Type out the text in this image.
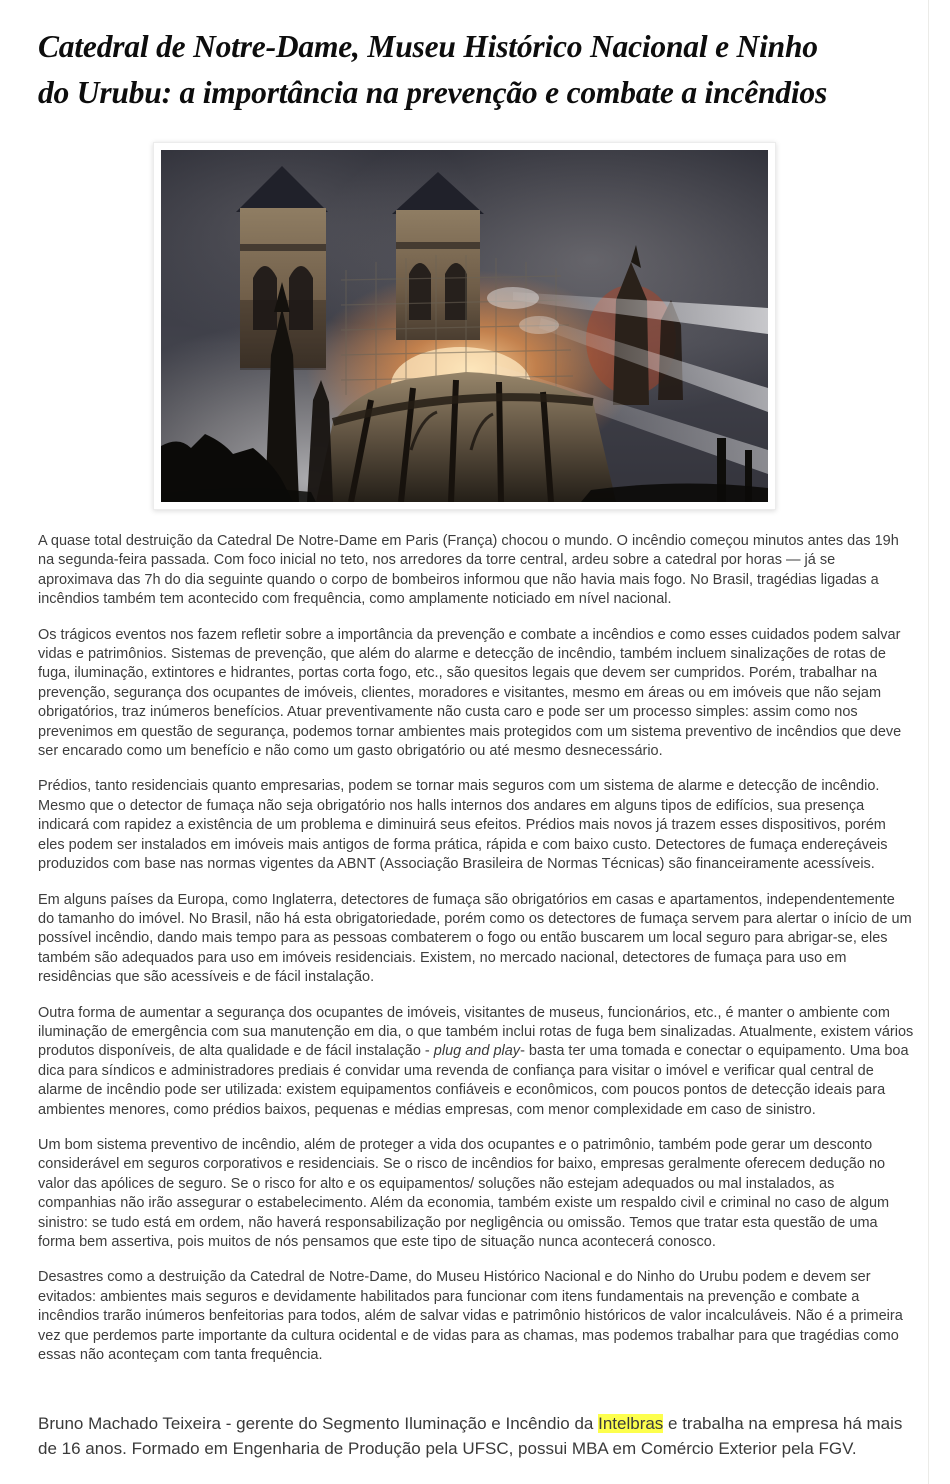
Catedral de Notre-Dame, Museu Histórico Nacional e Ninho
do Urubu: a importância na prevenção e combate a incêndios

A quase total destruição da Catedral De Notre-Dame em Paris (França) chocou o mundo. O incêndio começou minutos antes das 19h na segunda-feira passada. Com foco inicial no teto, nos arredores da torre central, ardeu sobre a catedral por horas — já se aproximava das 7h do dia seguinte quando o corpo de bombeiros informou que não havia mais fogo. No Brasil, tragédias ligadas a incêndios também tem acontecido com frequência, como amplamente noticiado em nível nacional.

Os trágicos eventos nos fazem refletir sobre a importância da prevenção e combate a incêndios e como esses cuidados podem salvar vidas e patrimônios. Sistemas de prevenção, que além do alarme e detecção de incêndio, também incluem sinalizações de rotas de fuga, iluminação, extintores e hidrantes, portas corta fogo, etc., são quesitos legais que devem ser cumpridos. Porém, trabalhar na prevenção, segurança dos ocupantes de imóveis, clientes, moradores e visitantes, mesmo em áreas ou em imóveis que não sejam obrigatórios, traz inúmeros benefícios. Atuar preventivamente não custa caro e pode ser um processo simples: assim como nos prevenimos em questão de segurança, podemos tornar ambientes mais protegidos com um sistema preventivo de incêndios que deve ser encarado como um benefício e não como um gasto obrigatório ou até mesmo desnecessário.

Prédios, tanto residenciais quanto empresarias, podem se tornar mais seguros com um sistema de alarme e detecção de incêndio. Mesmo que o detector de fumaça não seja obrigatório nos halls internos dos andares em alguns tipos de edifícios, sua presença indicará com rapidez a existência de um problema e diminuirá seus efeitos. Prédios mais novos já trazem esses dispositivos, porém eles podem ser instalados em imóveis mais antigos de forma prática, rápida e com baixo custo. Detectores de fumaça endereçáveis produzidos com base nas normas vigentes da ABNT (Associação Brasileira de Normas Técnicas) são financeiramente acessíveis.

Em alguns países da Europa, como Inglaterra, detectores de fumaça são obrigatórios em casas e apartamentos, independentemente do tamanho do imóvel. No Brasil, não há esta obrigatoriedade, porém como os detectores de fumaça servem para alertar o início de um possível incêndio, dando mais tempo para as pessoas combaterem o fogo ou então buscarem um local seguro para abrigar-se, eles também são adequados para uso em imóveis residenciais. Existem, no mercado nacional, detectores de fumaça para uso em residências que são acessíveis e de fácil instalação.

Outra forma de aumentar a segurança dos ocupantes de imóveis, visitantes de museus, funcionários, etc., é manter o ambiente com iluminação de emergência com sua manutenção em dia, o que também inclui rotas de fuga bem sinalizadas. Atualmente, existem vários produtos disponíveis, de alta qualidade e de fácil instalação - plug and play- basta ter uma tomada e conectar o equipamento. Uma boa dica para síndicos e administradores prediais é convidar uma revenda de confiança para visitar o imóvel e verificar qual central de alarme de incêndio pode ser utilizada: existem equipamentos confiáveis e econômicos, com poucos pontos de detecção ideais para ambientes menores, como prédios baixos, pequenas e médias empresas, com menor complexidade em caso de sinistro.

Um bom sistema preventivo de incêndio, além de proteger a vida dos ocupantes e o patrimônio, também pode gerar um desconto considerável em seguros corporativos e residenciais. Se o risco de incêndios for baixo, empresas geralmente oferecem dedução no valor das apólices de seguro. Se o risco for alto e os equipamentos/ soluções não estejam adequados ou mal instalados, as companhias não irão assegurar o estabelecimento. Além da economia, também existe um respaldo civil e criminal no caso de algum sinistro: se tudo está em ordem, não haverá responsabilização por negligência ou omissão. Temos que tratar esta questão de uma forma bem assertiva, pois muitos de nós pensamos que este tipo de situação nunca acontecerá conosco.

Desastres como a destruição da Catedral de Notre-Dame, do Museu Histórico Nacional e do Ninho do Urubu podem e devem ser evitados: ambientes mais seguros e devidamente habilitados para funcionar com itens fundamentais na prevenção e combate a incêndios trarão inúmeros benfeitorias para todos, além de salvar vidas e patrimônio históricos de valor incalculáveis. Não é a primeira vez que perdemos parte importante da cultura ocidental e de vidas para as chamas, mas podemos trabalhar para que tragédias como essas não aconteçam com tanta frequência.

Bruno Machado Teixeira - gerente do Segmento Iluminação e Incêndio da Intelbras e trabalha na empresa há mais de 16 anos. Formado em Engenharia de Produção pela UFSC, possui MBA em Comércio Exterior pela FGV.
